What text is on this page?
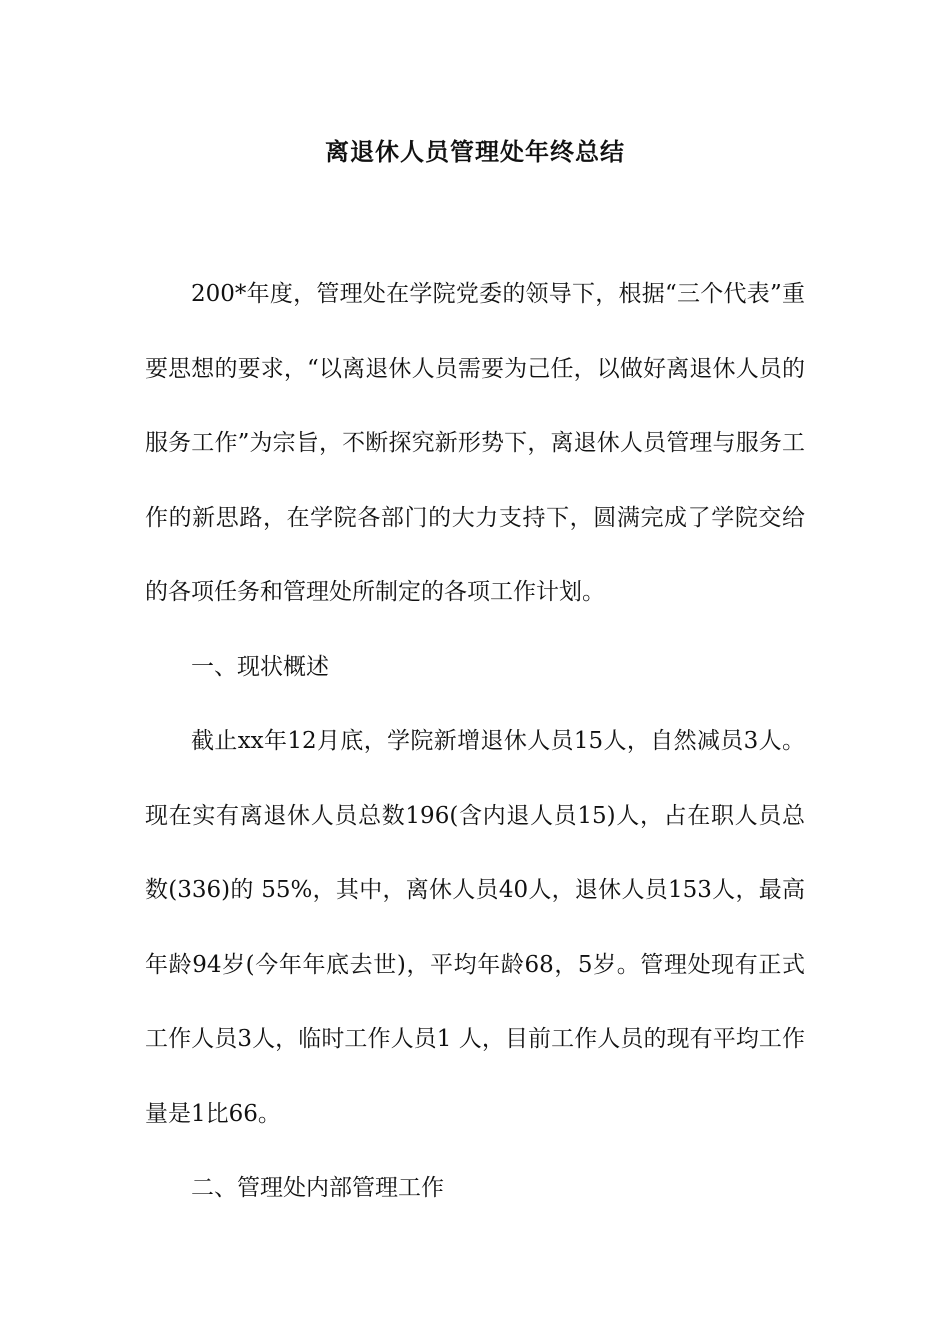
离退休人员管理处年终总结

200*年度，管理处在学院党委的领导下，根据“三个代表”重要思想的要求，“以离退休人员需要为己任，以做好离退休人员的服务工作”为宗旨，不断探究新形势下，离退休人员管理与服务工作的新思路，在学院各部门的大力支持下，圆满完成了学院交给的各项任务和管理处所制定的各项工作计划。

一、现状概述

截止xx年12月底，学院新增退休人员15人，自然减员3人。现在实有离退休人员总数196(含内退人员15)人，占在职人员总数(336)的 55%，其中，离休人员40人，退休人员153人，最高年龄94岁(今年年底去世)，平均年龄68，5岁。管理处现有正式工作人员3人，临时工作人员1 人，目前工作人员的现有平均工作量是1比66。

二、管理处内部管理工作
